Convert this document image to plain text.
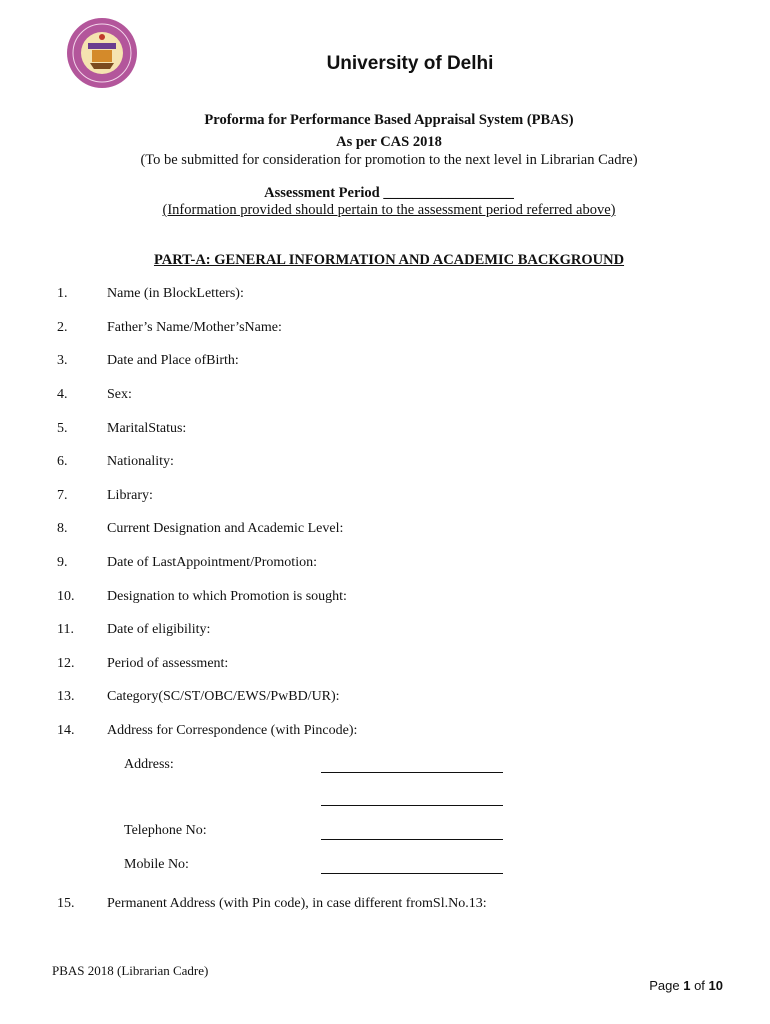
University of Delhi
Proforma for Performance Based Appraisal System (PBAS)
As per CAS 2018
(To be submitted for consideration for promotion to the next level in Librarian Cadre)
Assessment Period __________________
(Information provided should pertain to the assessment period referred above)
PART-A: GENERAL INFORMATION AND ACADEMIC BACKGROUND
1.	Name (in BlockLetters):
2.	Father’s Name/Mother’sName:
3.	Date and Place ofBirth:
4.	Sex:
5.	MaritalStatus:
6.	Nationality:
7.	Library:
8.	Current Designation and Academic Level:
9.	Date of LastAppointment/Promotion:
10. Designation to which Promotion is sought:
11. Date of eligibility:
12. Period of assessment:
13. Category(SC/ST/OBC/EWS/PwBD/UR):
14. Address for Correspondence (with Pincode):
Address:
Telephone No:
Mobile No:
15. Permanent Address (with Pin code), in case different fromSl.No.13:
PBAS 2018 (Librarian Cadre)
Page 1 of 10
